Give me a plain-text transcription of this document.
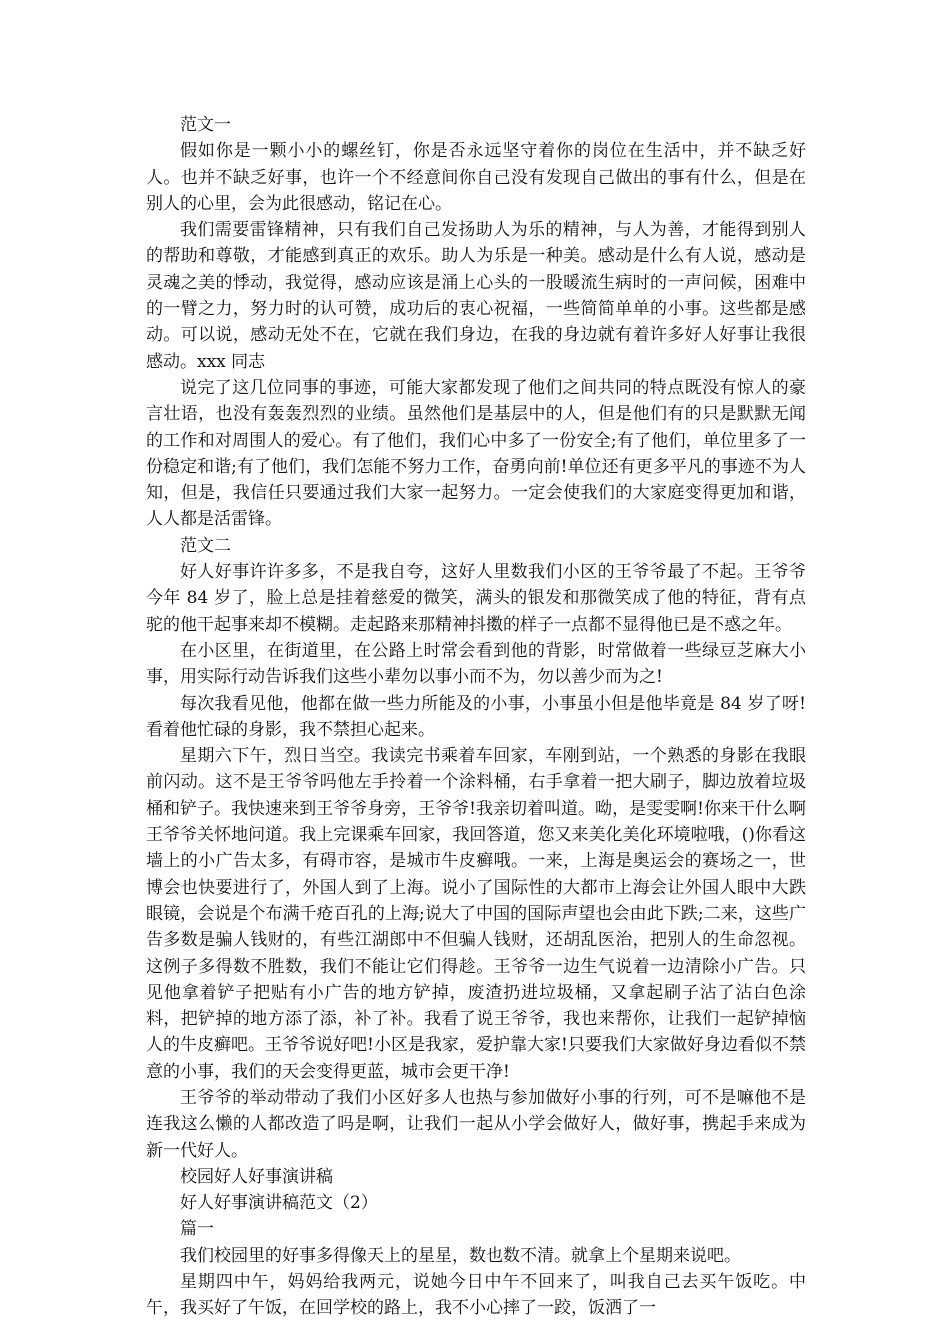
范文一

假如你是一颗小小的螺丝钉，你是否永远坚守着你的岗位在生活中，并不缺乏好人。也并不缺乏好事，也许一个不经意间你自己没有发现自己做出的事有什么，但是在别人的心里，会为此很感动，铭记在心。

我们需要雷锋精神，只有我们自己发扬助人为乐的精神，与人为善，才能得到别人的帮助和尊敬，才能感到真正的欢乐。助人为乐是一种美。感动是什么有人说，感动是灵魂之美的悸动，我觉得，感动应该是涌上心头的一股暖流生病时的一声问候，困难中的一臂之力，努力时的认可赞，成功后的衷心祝福，一些简简单单的小事。这些都是感动。可以说，感动无处不在，它就在我们身边，在我的身边就有着许多好人好事让我很感动。xxx 同志

说完了这几位同事的事迹，可能大家都发现了他们之间共同的特点既没有惊人的豪言壮语，也没有轰轰烈烈的业绩。虽然他们是基层中的人，但是他们有的只是默默无闻的工作和对周围人的爱心。有了他们，我们心中多了一份安全;有了他们，单位里多了一份稳定和谐;有了他们，我们怎能不努力工作，奋勇向前!单位还有更多平凡的事迹不为人知，但是，我信任只要通过我们大家一起努力。一定会使我们的大家庭变得更加和谐，人人都是活雷锋。

范文二

好人好事许许多多，不是我自夸，这好人里数我们小区的王爷爷最了不起。王爷爷今年 84 岁了，脸上总是挂着慈爱的微笑，满头的银发和那微笑成了他的特征，背有点驼的他干起事来却不模糊。走起路来那精神抖擞的样子一点都不显得他已是不惑之年。

在小区里，在街道里，在公路上时常会看到他的背影，时常做着一些绿豆芝麻大小事，用实际行动告诉我们这些小辈勿以事小而不为，勿以善少而为之!

每次我看见他，他都在做一些力所能及的小事，小事虽小但是他毕竟是 84 岁了呀!看着他忙碌的身影，我不禁担心起来。

星期六下午，烈日当空。我读完书乘着车回家，车刚到站，一个熟悉的身影在我眼前闪动。这不是王爷爷吗他左手拎着一个涂料桶，右手拿着一把大刷子，脚边放着垃圾桶和铲子。我快速来到王爷爷身旁，王爷爷!我亲切着叫道。呦，是雯雯啊!你来干什么啊王爷爷关怀地问道。我上完课乘车回家，我回答道，您又来美化美化环境啦哦，()你看这墙上的小广告太多，有碍市容，是城市牛皮癣哦。一来，上海是奥运会的赛场之一，世博会也快要进行了，外国人到了上海。说小了国际性的大都市上海会让外国人眼中大跌眼镜，会说是个布满千疮百孔的上海;说大了中国的国际声望也会由此下跌;二来，这些广告多数是骗人钱财的，有些江湖郎中不但骗人钱财，还胡乱医治，把别人的生命忽视。这例子多得数不胜数，我们不能让它们得趁。王爷爷一边生气说着一边清除小广告。只见他拿着铲子把贴有小广告的地方铲掉，废渣扔进垃圾桶，又拿起刷子沾了沾白色涂料，把铲掉的地方添了添，补了补。我看了说王爷爷，我也来帮你，让我们一起铲掉恼人的牛皮癣吧。王爷爷说好吧!小区是我家，爱护靠大家!只要我们大家做好身边看似不禁意的小事，我们的天会变得更蓝，城市会更干净!

王爷爷的举动带动了我们小区好多人也热与参加做好小事的行列，可不是嘛他不是连我这么懒的人都改造了吗是啊，让我们一起从小学会做好人，做好事，携起手来成为新一代好人。

校园好人好事演讲稿

好人好事演讲稿范文（2）

篇一

我们校园里的好事多得像天上的星星，数也数不清。就拿上个星期来说吧。

星期四中午，妈妈给我两元，说她今日中午不回来了，叫我自己去买午饭吃。中午，我买好了午饭，在回学校的路上，我不小心摔了一跤，饭洒了一
